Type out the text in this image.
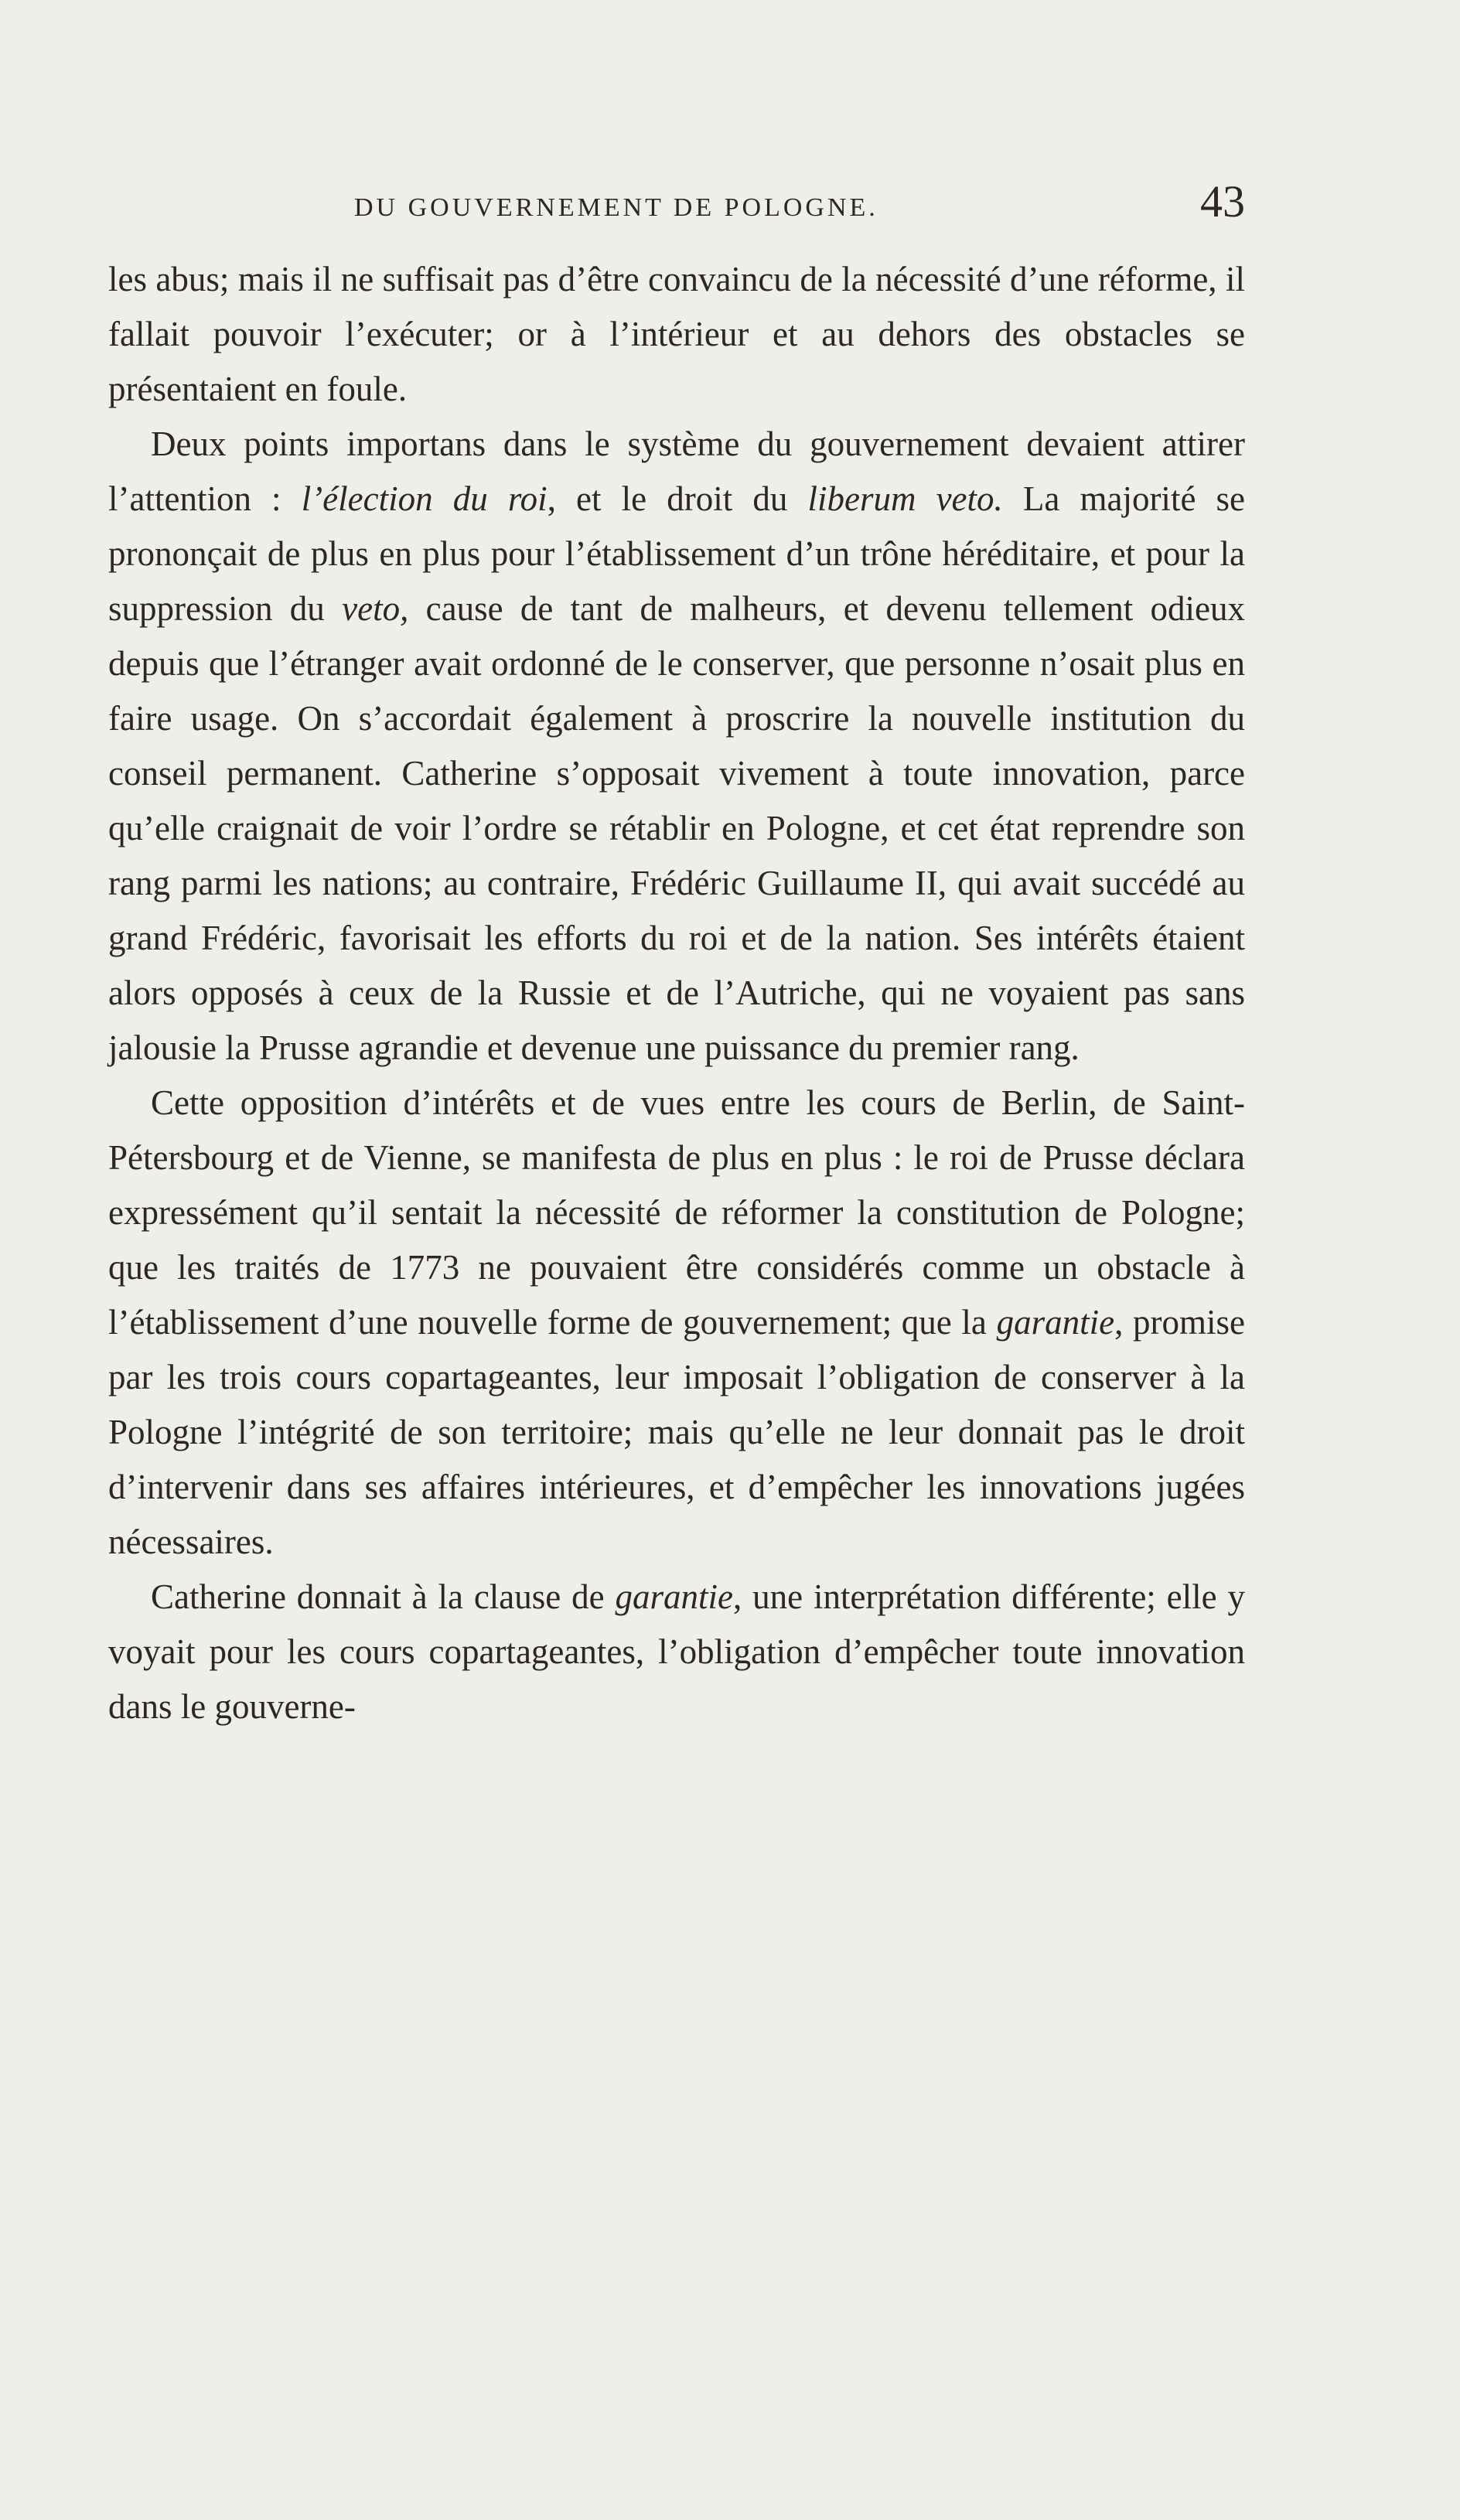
DU GOUVERNEMENT DE POLOGNE.	43

les abus; mais il ne suffisait pas d’être convaincu de la nécessité d’une réforme, il fallait pouvoir l’exécuter; or à l’intérieur et au dehors des obstacles se présentaient en foule.

Deux points importans dans le système du gouvernement devaient attirer l’attention : l’élection du roi, et le droit du liberum veto. La majorité se prononçait de plus en plus pour l’établissement d’un trône héréditaire, et pour la suppression du veto, cause de tant de malheurs, et devenu tellement odieux depuis que l’étranger avait ordonné de le conserver, que personne n’osait plus en faire usage. On s’accordait également à proscrire la nouvelle institution du conseil permanent. Catherine s’opposait vivement à toute innovation, parce qu’elle craignait de voir l’ordre se rétablir en Pologne, et cet état reprendre son rang parmi les nations; au contraire, Frédéric Guillaume II, qui avait succédé au grand Frédéric, favorisait les efforts du roi et de la nation. Ses intérêts étaient alors opposés à ceux de la Russie et de l’Autriche, qui ne voyaient pas sans jalousie la Prusse agrandie et devenue une puissance du premier rang.

Cette opposition d’intérêts et de vues entre les cours de Berlin, de Saint-Pétersbourg et de Vienne, se manifesta de plus en plus : le roi de Prusse déclara expressément qu’il sentait la nécessité de réformer la constitution de Pologne; que les traités de 1773 ne pouvaient être considérés comme un obstacle à l’établissement d’une nouvelle forme de gouvernement; que la garantie, promise par les trois cours copartageantes, leur imposait l’obligation de conserver à la Pologne l’intégrité de son territoire; mais qu’elle ne leur donnait pas le droit d’intervenir dans ses affaires intérieures, et d’empêcher les innovations jugées nécessaires.

Catherine donnait à la clause de garantie, une interprétation différente; elle y voyait pour les cours copartageantes, l’obligation d’empêcher toute innovation dans le gouverne-
